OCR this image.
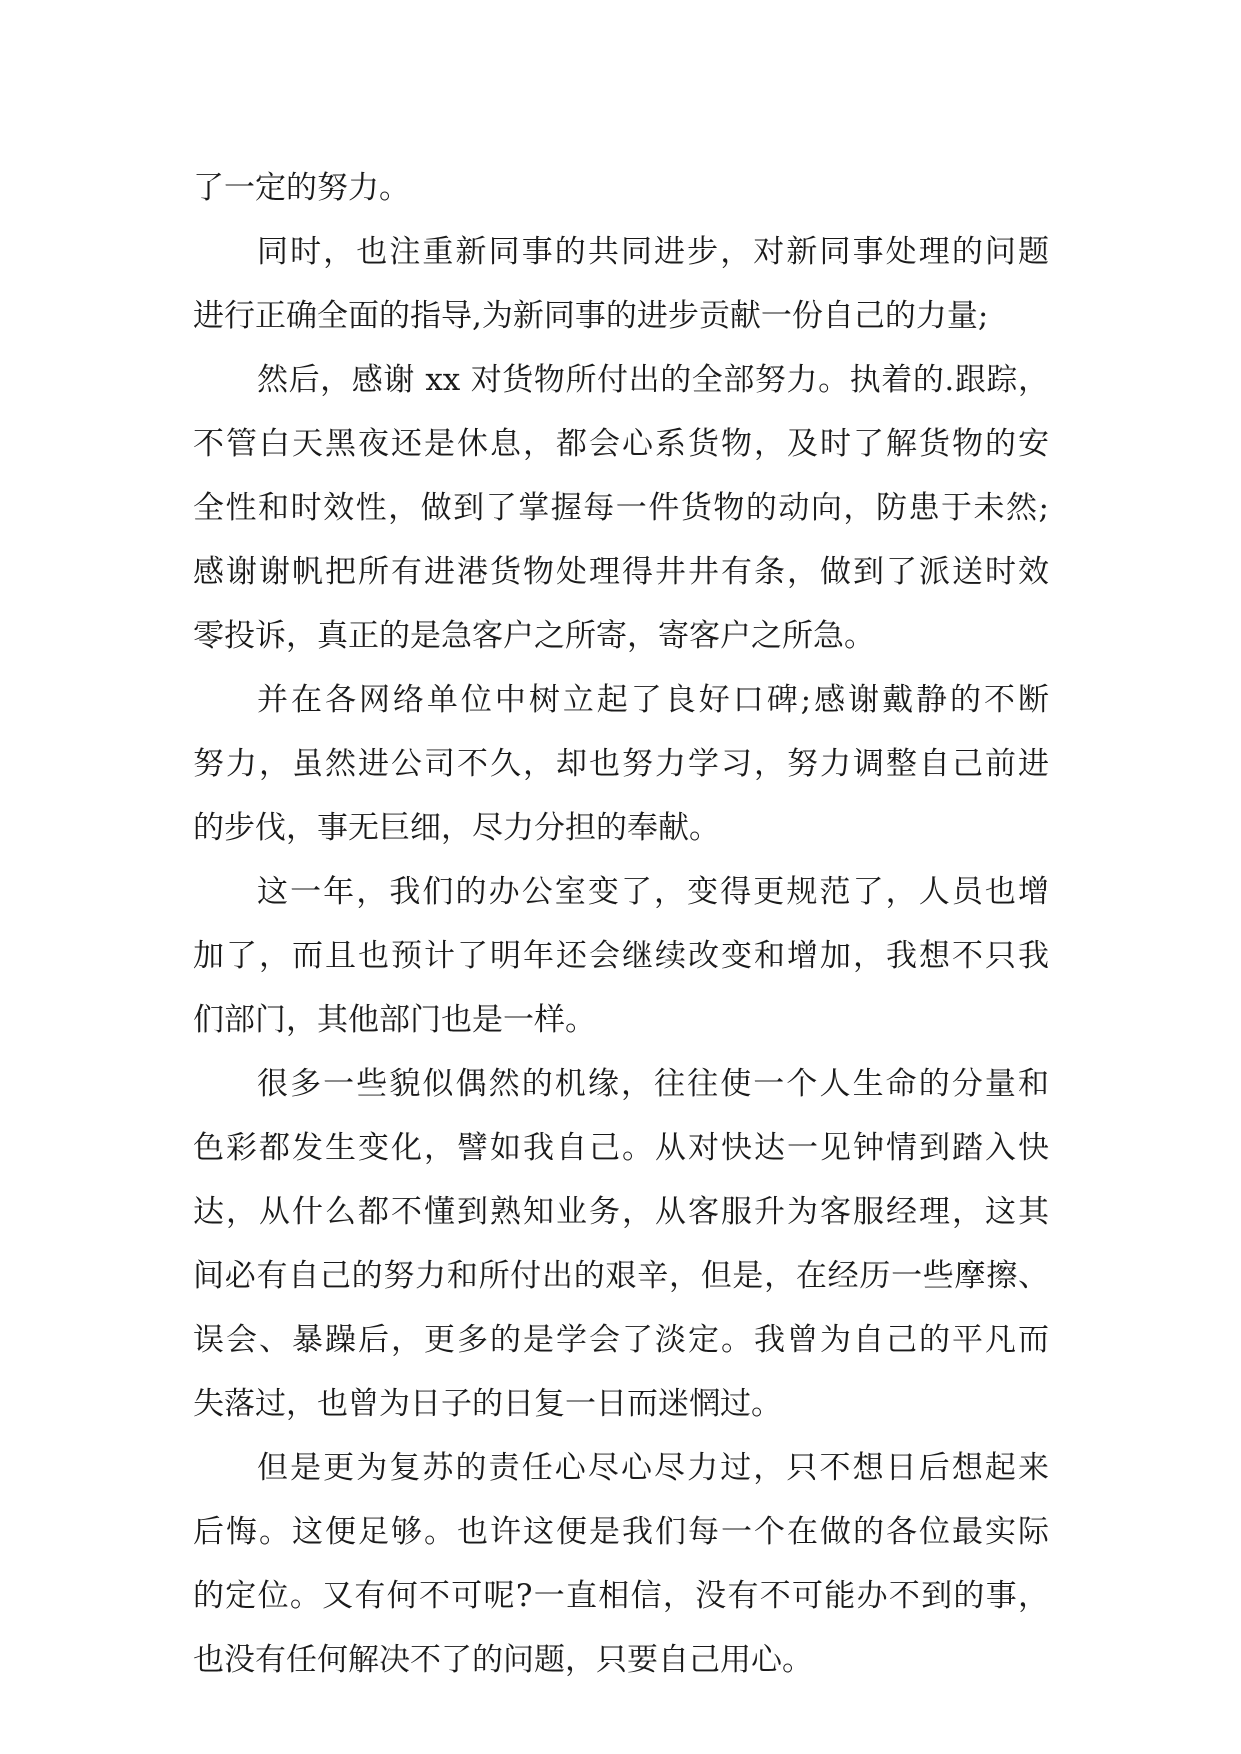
了一定的努力。
同时，也注重新同事的共同进步，对新同事处理的问题
进行正确全面的指导,为新同事的进步贡献一份自己的力量;
然后，感谢 xx 对货物所付出的全部努力。执着的.跟踪，
不管白天黑夜还是休息，都会心系货物，及时了解货物的安
全性和时效性，做到了掌握每一件货物的动向，防患于未然;
感谢谢帆把所有进港货物处理得井井有条，做到了派送时效
零投诉，真正的是急客户之所寄，寄客户之所急。
并在各网络单位中树立起了良好口碑;感谢戴静的不断
努力，虽然进公司不久，却也努力学习，努力调整自己前进
的步伐，事无巨细，尽力分担的奉献。
这一年，我们的办公室变了，变得更规范了，人员也增
加了，而且也预计了明年还会继续改变和增加，我想不只我
们部门，其他部门也是一样。
很多一些貌似偶然的机缘，往往使一个人生命的分量和
色彩都发生变化，譬如我自己。从对快达一见钟情到踏入快
达，从什么都不懂到熟知业务，从客服升为客服经理，这其
间必有自己的努力和所付出的艰辛，但是，在经历一些摩擦、
误会、暴躁后，更多的是学会了淡定。我曾为自己的平凡而
失落过，也曾为日子的日复一日而迷惘过。
但是更为复苏的责任心尽心尽力过，只不想日后想起来
后悔。这便足够。也许这便是我们每一个在做的各位最实际
的定位。又有何不可呢?一直相信，没有不可能办不到的事，
也没有任何解决不了的问题，只要自己用心。
